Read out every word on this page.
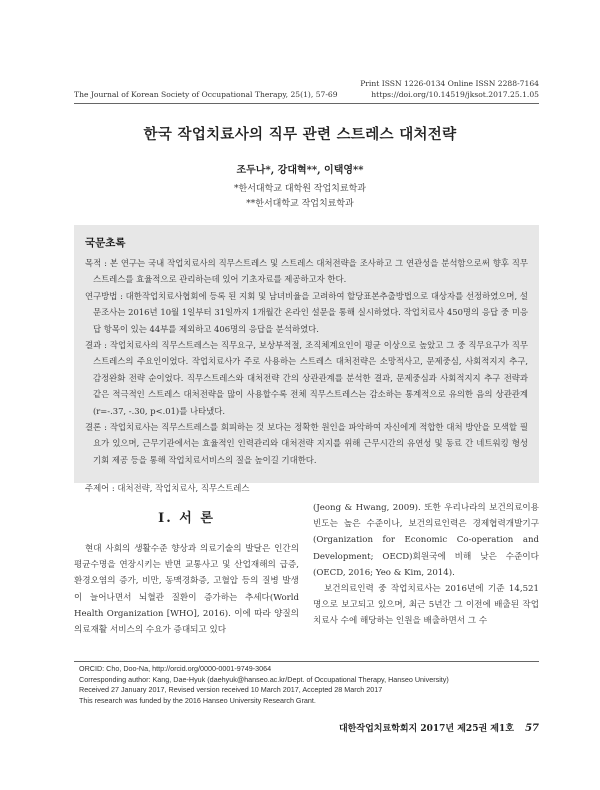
Print ISSN 1226-0134 Online ISSN 2288-7164
The Journal of Korean Society of Occupational Therapy, 25(1), 57-69	https://doi.org/10.14519/jksot.2017.25.1.05
한국 작업치료사의 직무 관련 스트레스 대처전략
조두나*, 강대혁**, 이택영**
*한서대학교 대학원 작업치료학과
**한서대학교 작업치료학과
국문초록
목적 : 본 연구는 국내 작업치료사의 직무스트레스 및 스트레스 대처전략을 조사하고 그 연관성을 분석함으로써 향후 직무스트레스를 효율적으로 관리하는데 있어 기초자료를 제공하고자 한다.
연구방법 : 대한작업치료사협회에 등록 된 지회 및 남녀비율을 고려하여 할당표본추출방법으로 대상자를 선정하였으며, 설문조사는 2016년 10월 1일부터 31일까지 1개월간 온라인 설문을 통해 실시하였다. 작업치료사 450명의 응답 중 미응답 항목이 있는 44부를 제외하고 406명의 응답을 분석하였다.
결과 : 작업치료사의 직무스트레스는 직무요구, 보상부적절, 조직체계요인이 평균 이상으로 높았고 그 중 직무요구가 직무스트레스의 주요인이었다. 작업치료사가 주로 사용하는 스트레스 대처전략은 소망적사고, 문제중심, 사회적지지 추구, 감정완화 전략 순이었다. 직무스트레스와 대처전략 간의 상관관계를 분석한 결과, 문제중심과 사회적지지 추구 전략과 같은 적극적인 스트레스 대처전략을 많이 사용할수록 전체 직무스트레스는 감소하는 통계적으로 유의한 음의 상관관계(r=-.37, -.30, p<.01)를 나타냈다.
결론 : 작업치료사는 직무스트레스를 회피하는 것 보다는 정확한 원인을 파악하여 자신에게 적합한 대처 방안을 모색할 필요가 있으며, 근무기관에서는 효율적인 인력관리와 대처전략 지지를 위해 근무시간의 유연성 및 동료 간 네트워킹 형성 기회 제공 등을 통해 작업치료서비스의 질을 높이길 기대한다.
주제어 : 대처전략, 작업치료사, 직무스트레스
Ⅰ. 서 론
현대 사회의 생활수준 향상과 의료기술의 발달은 인간의 평균수명을 연장시키는 반면 교통사고 및 산업재해의 급증, 환경오염의 증가, 비만, 동맥경화증, 고혈압 등의 질병 발생이 늘어나면서 뇌혈관 질환이 증가하는 추세다(World Health Organization [WHO], 2016). 이에 따라 양질의 의료재활 서비스의 수요가 증대되고 있다

(Jeong & Hwang, 2009). 또한 우리나라의 보건의료이용 빈도는 높은 수준이나, 보건의료인력은 경제협력개발기구(Organization for Economic Co-operation and Development; OECD)회원국에 비해 낮은 수준이다(OECD, 2016; Yeo & Kim, 2014).

보건의료인력 중 작업치료사는 2016년에 기준 14,521명으로 보고되고 있으며, 최근 5년간 그 이전에 배출된 작업치료사 수에 해당하는 인원을 배출하면서 그 수

ORCID: Cho, Doo-Na, http://orcid.org/0000-0001-9749-3064
Corresponding author: Kang, Dae-Hyuk (daehyuk@hanseo.ac.kr/Dept. of Occupational Therapy, Hanseo University)
Received 27 January 2017, Revised version received 10 March 2017, Accepted 28 March 2017
This research was funded by the 2016 Hanseo University Research Grant.
대한작업치료학회지 2017년 제25권 제1호 57
